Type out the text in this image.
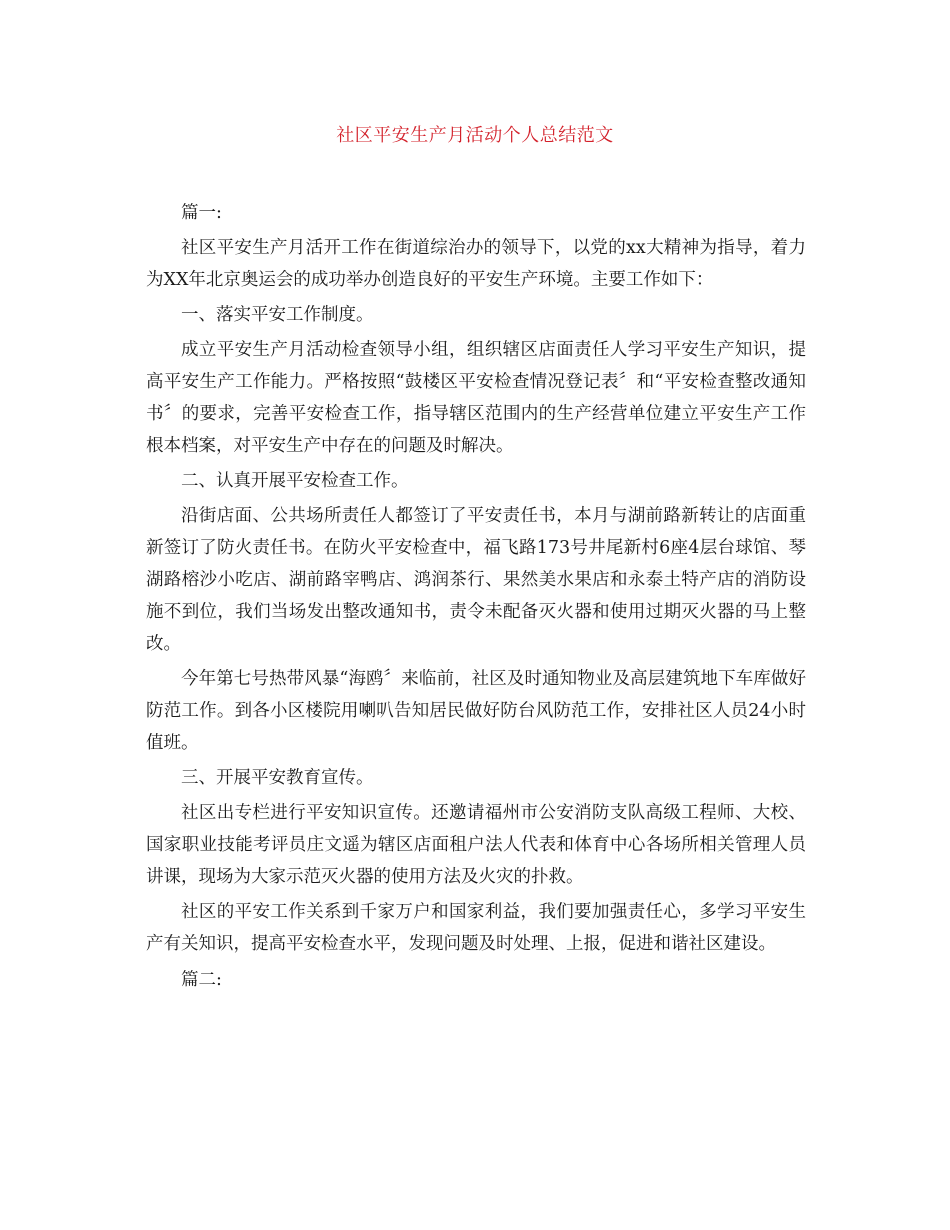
社区平安生产月活动个人总结范文

篇一:

社区平安生产月活开工作在街道综治办的领导下，以党的xx大精神为指导，着力为XX年北京奥运会的成功举办创造良好的平安生产环境。主要工作如下：

一、落实平安工作制度。

成立平安生产月活动检查领导小组，组织辖区店面责任人学习平安生产知识，提高平安生产工作能力。严格按照“鼓楼区平安检查情况登记表〞和“平安检查整改通知书〞的要求，完善平安检查工作，指导辖区范围内的生产经营单位建立平安生产工作根本档案，对平安生产中存在的问题及时解决。

二、认真开展平安检查工作。

沿街店面、公共场所责任人都签订了平安责任书，本月与湖前路新转让的店面重新签订了防火责任书。在防火平安检查中，福飞路173号井尾新村6座4层台球馆、琴湖路榕沙小吃店、湖前路宰鸭店、鸿润茶行、果然美水果店和永泰土特产店的消防设施不到位，我们当场发出整改通知书，责令未配备灭火器和使用过期灭火器的马上整改。

今年第七号热带风暴“海鸥〞来临前，社区及时通知物业及高层建筑地下车库做好防范工作。到各小区楼院用喇叭告知居民做好防台风防范工作，安排社区人员24小时值班。

三、开展平安教育宣传。

社区出专栏进行平安知识宣传。还邀请福州市公安消防支队高级工程师、大校、国家职业技能考评员庄文遥为辖区店面租户法人代表和体育中心各场所相关管理人员讲课，现场为大家示范灭火器的使用方法及火灾的扑救。

社区的平安工作关系到千家万户和国家利益，我们要加强责任心，多学习平安生产有关知识，提高平安检查水平，发现问题及时处理、上报，促进和谐社区建设。

篇二:
